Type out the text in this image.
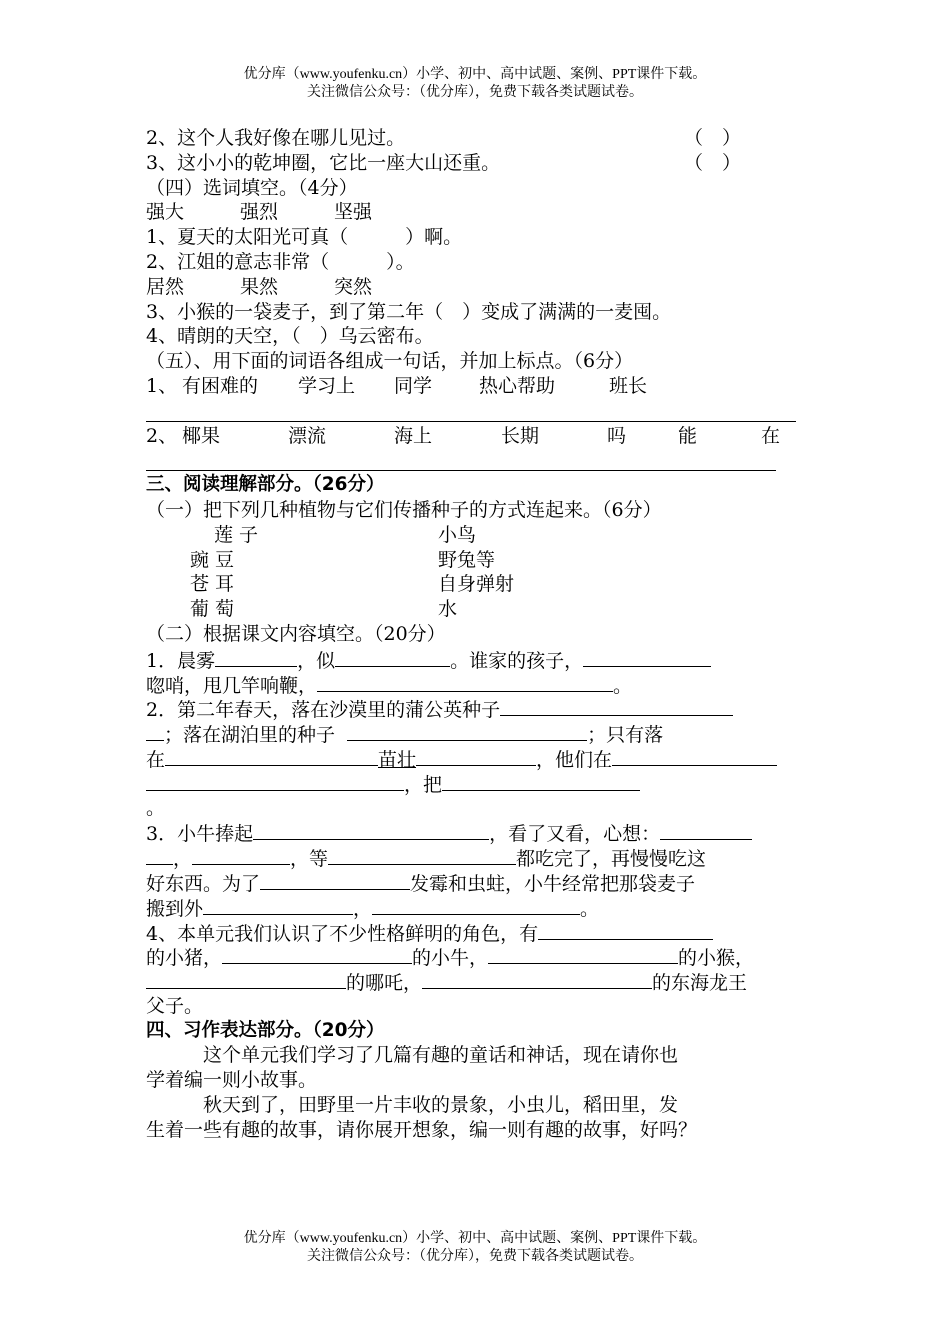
优分库（www.youfenku.cn）小学、初中、高中试题、案例、PPT课件下载。
关注微信公众号：（优分库），免费下载各类试题试卷。
2、这个人我好像在哪儿见过。	（　）
3、这小小的乾坤圈，它比一座大山还重。	（　）
（四）选词填空。（4分）
强大	强烈	坚强
1、夏天的太阳光可真（　　　）啊。
2、江姐的意志非常（　　　）。
居然	果然	突然
3、小猴的一袋麦子，到了第二年（　）变成了满满的一麦囤。
4、晴朗的天空，（　）乌云密布。
（五）、用下面的词语各组成一句话，并加上标点。（6分）
1、 有困难的 学习上 同学 热心帮助	班长
2、 椰果	漂流	海上	长期	吗	能	在
三、阅读理解部分。（26分）
（一）把下列几种植物与它们传播种子的方式连起来。（6分）
莲 子	小鸟
豌 豆	野兔等
苍 耳	自身弹射
葡 萄	水
（二）根据课文内容填空。（20分）
1．晨雾	，似	。谁家的孩子，
唿哨，甩几竿响鞭，	。
2．第二年春天，落在沙漠里的蒲公英种子
；落在湖泊里的种子	；只有落
在	苗壮	，他们在
，把
。
3．小牛捧起	，看了又看，心想：
，	，等	都吃完了，再慢慢吃这
好东西。为了	发霉和虫蛀，小牛经常把那袋麦子
搬到外	，	。
4、本单元我们认识了不少性格鲜明的角色，有
的小猪，	的小牛，	的小猴，
的哪吒，	的东海龙王
父子。
四、习作表达部分。（20分）
这个单元我们学习了几篇有趣的童话和神话，现在请你也
学着编一则小故事。
秋天到了，田野里一片丰收的景象，小虫儿，稻田里，发
生着一些有趣的故事，请你展开想象，编一则有趣的故事，好吗？
优分库（www.youfenku.cn）小学、初中、高中试题、案例、PPT课件下载。
关注微信公众号：（优分库），免费下载各类试题试卷。
